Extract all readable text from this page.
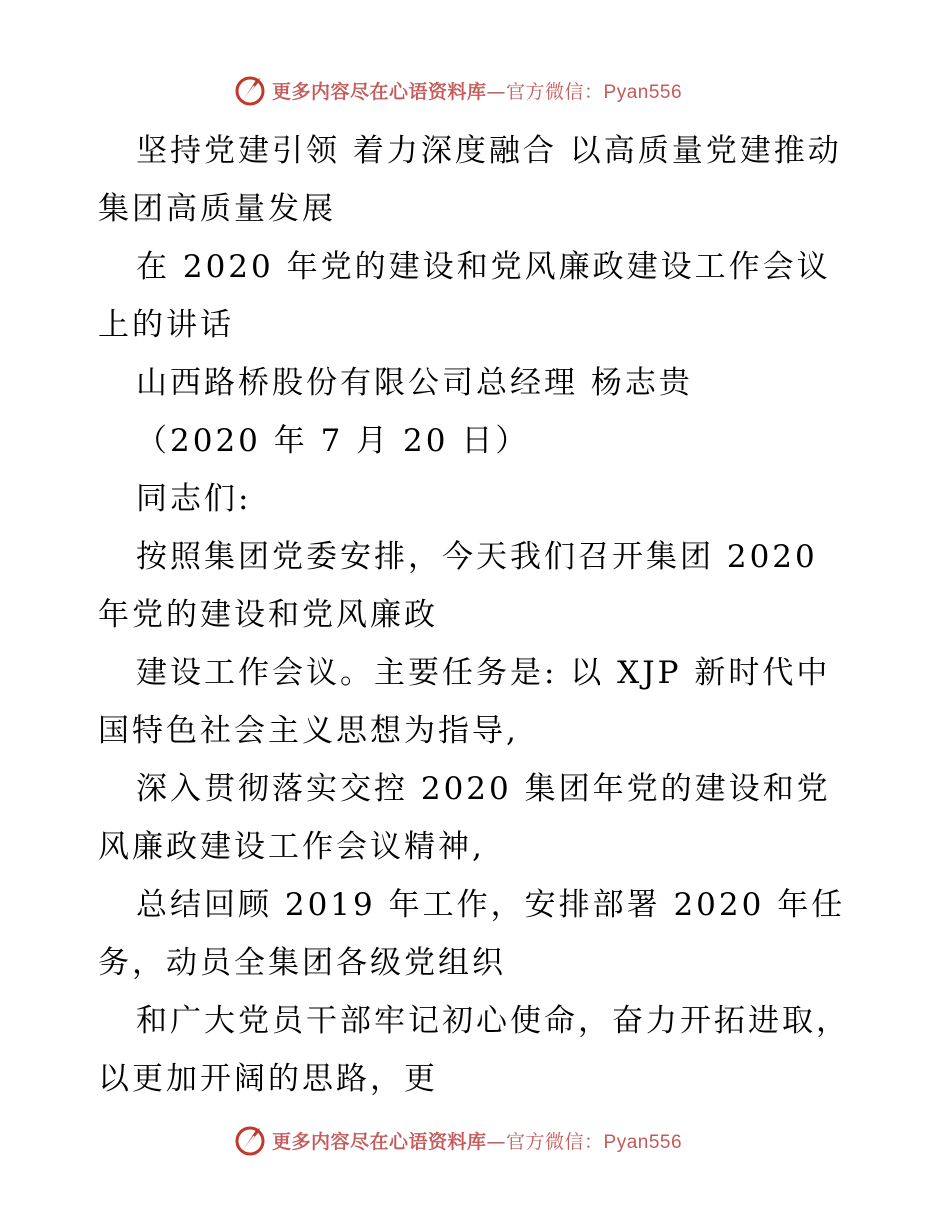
更多内容尽在心语资料库—官方微信：Pyan556

坚持党建引领 着力深度融合 以高质量党建推动集团高质量发展

在 2020 年党的建设和党风廉政建设工作会议上的讲话

山西路桥股份有限公司总经理 杨志贵

（2020 年 7 月 20 日）

同志们:

按照集团党委安排，今天我们召开集团 2020 年党的建设和党风廉政

建设工作会议。主要任务是: 以 XJP 新时代中国特色社会主义思想为指导,

深入贯彻落实交控 2020 集团年党的建设和党风廉政建设工作会议精神,

总结回顾 2019 年工作，安排部署 2020 年任务，动员全集团各级党组织

和广大党员干部牢记初心使命，奋力开拓进取，以更加开阔的思路，更

更多内容尽在心语资料库—官方微信：Pyan556
